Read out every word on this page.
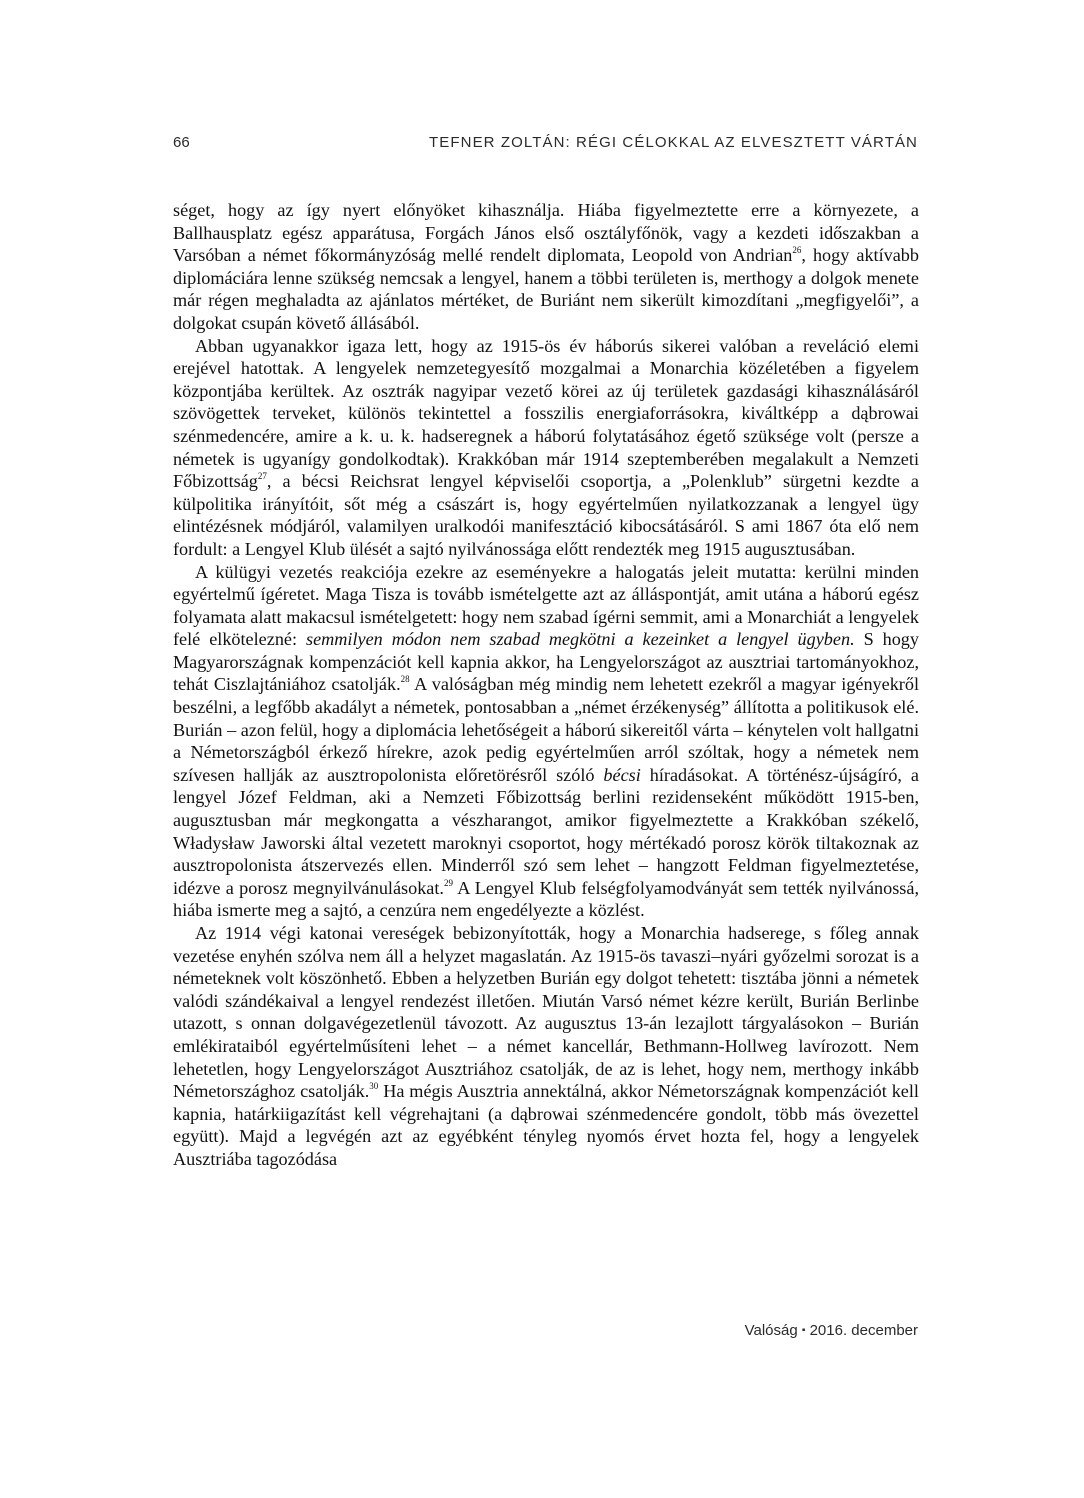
66	TEFNER ZOLTÁN: RÉGI CÉLOKKAL AZ ELVESZTETT VÁRTÁN

séget, hogy az így nyert előnyöket kihasználja. Hiába figyelmeztette erre a környezete, a Ballhausplatz egész apparátusa, Forgách János első osztályfőnök, vagy a kezdeti időszakban a Varsóban a német főkormányzóság mellé rendelt diplomata, Leopold von Andrian$^{26}$, hogy aktívabb diplomáciára lenne szükség nemcsak a lengyel, hanem a többi területen is, merthogy a dolgok menete már régen meghaladta az ajánlatos mértéket, de Buriánt nem sikerült kimozdítani „megfigyelői”, a dolgokat csupán követő állásából.

Abban ugyanakkor igaza lett, hogy az 1915-ös év háborús sikerei valóban a reveláció elemi erejével hatottak. A lengyelek nemzetegyesítő mozgalmai a Monarchia közéletében a figyelem központjába kerültek. Az osztrák nagyipar vezető körei az új területek gazdasági kihasználásáról szövögettek terveket, különös tekintettel a fosszilis energiaforrásokra, kiváltképp a dąbrowai szénmedencére, amire a k. u. k. hadseregnek a háború folytatásához égető szüksége volt (persze a németek is ugyanígy gondolkodtak). Krakkóban már 1914 szeptemberében megalakult a Nemzeti Főbizottság$^{27}$, a bécsi Reichsrat lengyel képviselői csoportja, a „Polenklub” sürgetni kezdte a külpolitika irányítóit, sőt még a császárt is, hogy egyértelműen nyilatkozzanak a lengyel ügy elintézésnek módjáról, valamilyen uralkodói manifesztáció kibocsátásáról. S ami 1867 óta elő nem fordult: a Lengyel Klub ülését a sajtó nyilvánossága előtt rendezték meg 1915 augusztusában.

A külügyi vezetés reakciója ezekre az eseményekre a halogatás jeleit mutatta: kerülni minden egyértelmű ígéretet. Maga Tisza is tovább ismételgette azt az álláspontját, amit utána a háború egész folyamata alatt makacsul ismételgetett: hogy nem szabad ígérni semmit, ami a Monarchiát a lengyelek felé elkötelezné: semmilyen módon nem szabad megkötni a kezeinket a lengyel ügyben. S hogy Magyarországnak kompenzációt kell kapnia akkor, ha Lengyelországot az ausztriai tartományokhoz, tehát Ciszlajtániához csatolják.$^{28}$ A valóságban még mindig nem lehetett ezekről a magyar igényekről beszélni, a legfőbb akadályt a németek, pontosabban a „német érzékenység” állította a politikusok elé. Burián – azon felül, hogy a diplomácia lehetőségeit a háború sikereitől várta – kénytelen volt hallgatni a Németországból érkező hírekre, azok pedig egyértelműen arról szóltak, hogy a németek nem szívesen hallják az ausztropolonista előretörésről szóló bécsi híradásokat. A történész-újságíró, a lengyel Józef Feldman, aki a Nemzeti Főbizottság berlini rezidenseként működött 1915-ben, augusztusban már megkongatta a vészharangot, amikor figyelmeztette a Krakkóban székelő, Władysław Jaworski által vezetett maroknyi csoportot, hogy mértékadó porosz körök tiltakoznak az ausztropolonista átszervezés ellen. Minderről szó sem lehet – hangzott Feldman figyelmeztetése, idézve a porosz megnyilvánulásokat.$^{29}$ A Lengyel Klub felségfolyamodványát sem tették nyilvánossá, hiába ismerte meg a sajtó, a cenzúra nem engedélyezte a közlést.

Az 1914 végi katonai vereségek bebizonyították, hogy a Monarchia hadserege, s főleg annak vezetése enyhén szólva nem áll a helyzet magaslatán. Az 1915-ös tavaszi–nyári győzelmi sorozat is a németeknek volt köszönhető. Ebben a helyzetben Burián egy dolgot tehetett: tisztába jönni a németek valódi szándékaival a lengyel rendezést illetően. Miután Varsó német kézre került, Burián Berlinbe utazott, s onnan dolgavégezetlenül távozott. Az augusztus 13-án lezajlott tárgyalásokon – Burián emlékirataiból egyértelműsíteni lehet – a német kancellár, Bethmann-Hollweg lavírozott. Nem lehetetlen, hogy Lengyelországot Ausztriához csatolják, de az is lehet, hogy nem, merthogy inkább Németországhoz csatolják.$^{30}$ Ha mégis Ausztria annektálná, akkor Németországnak kompenzációt kell kapnia, határkiigazítást kell végrehajtani (a dąbrowai szénmedencére gondolt, több más övezettel együtt). Majd a legvégén azt az egyébként tényleg nyomós érvet hozta fel, hogy a lengyelek Ausztriába tagozódása

Valóság ▪ 2016. december
